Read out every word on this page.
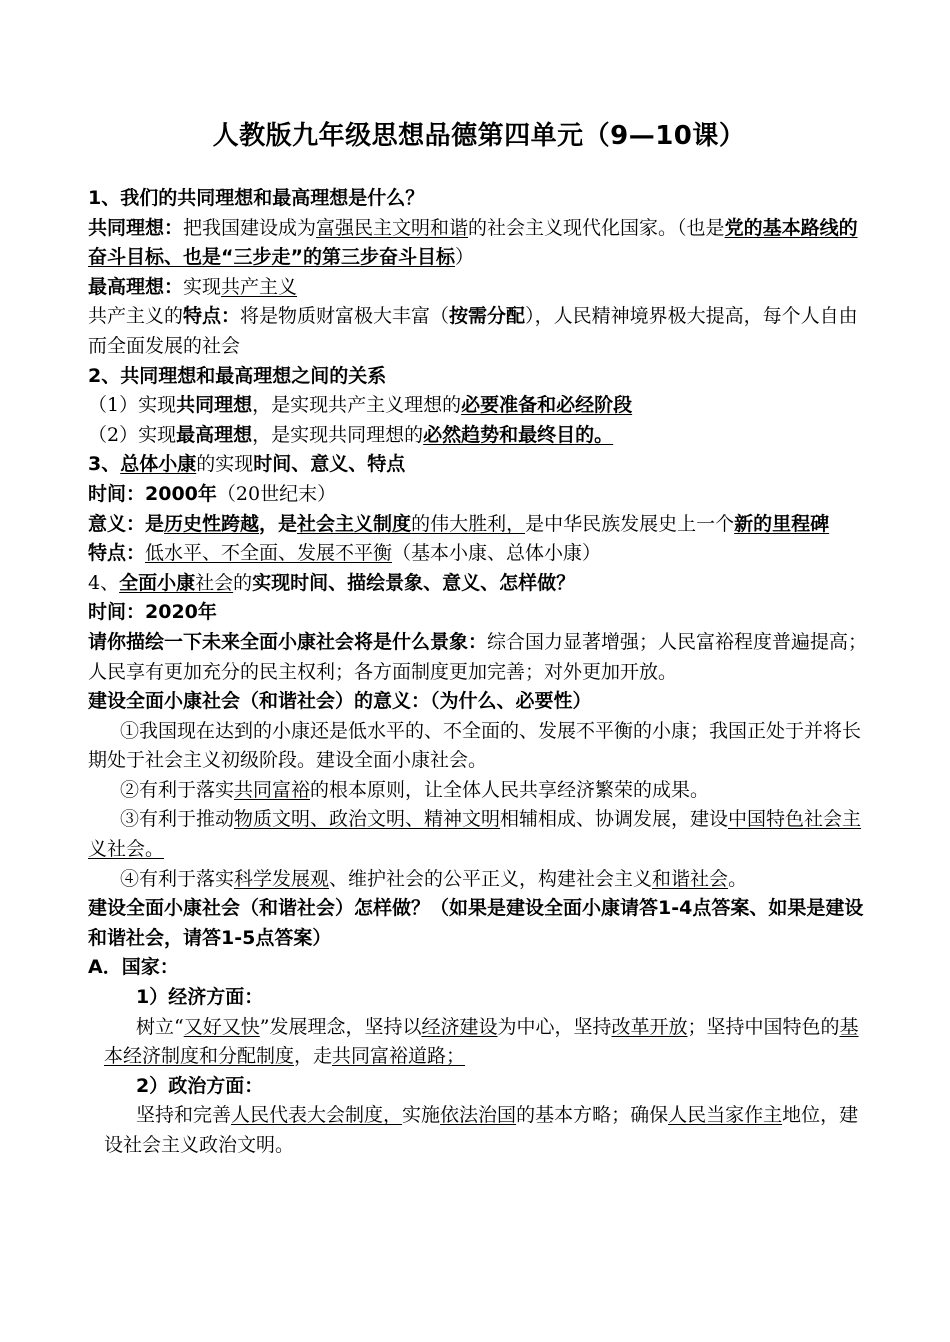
人教版九年级思想品德第四单元（9—10课）

1、我们的共同理想和最高理想是什么？

共同理想：把我国建设成为富强民主文明和谐的社会主义现代化国家。（也是党的基本路线的奋斗目标、也是“三步走”的第三步奋斗目标）

最高理想：实现共产主义

共产主义的特点：将是物质财富极大丰富（按需分配），人民精神境界极大提高，每个人自由而全面发展的社会

2、共同理想和最高理想之间的关系

（1）实现共同理想，是实现共产主义理想的必要准备和必经阶段

（2）实现最高理想，是实现共同理想的必然趋势和最终目的。

3、总体小康的实现时间、意义、特点

时间：2000年（20世纪末）

意义：是历史性跨越，是社会主义制度的伟大胜利，是中华民族发展史上一个新的里程碑

特点：低水平、不全面、发展不平衡（基本小康、总体小康）

4、全面小康社会的实现时间、描绘景象、意义、怎样做？

时间：2020年

请你描绘一下未来全面小康社会将是什么景象：综合国力显著增强；人民富裕程度普遍提高；人民享有更加充分的民主权利；各方面制度更加完善；对外更加开放。

建设全面小康社会（和谐社会）的意义：（为什么、必要性）

①我国现在达到的小康还是低水平的、不全面的、发展不平衡的小康；我国正处于并将长期处于社会主义初级阶段。建设全面小康社会。

②有利于落实共同富裕的根本原则，让全体人民共享经济繁荣的成果。

③有利于推动物质文明、政治文明、精神文明相辅相成、协调发展，建设中国特色社会主义社会。

④有利于落实科学发展观、维护社会的公平正义，构建社会主义和谐社会。

建设全面小康社会（和谐社会）怎样做？（如果是建设全面小康请答1-4点答案、如果是建设和谐社会，请答1-5点答案）

A．国家：

1）经济方面：

树立“又好又快”发展理念，坚持以经济建设为中心，坚持改革开放；坚持中国特色的基本经济制度和分配制度，走共同富裕道路；

2）政治方面：

坚持和完善人民代表大会制度，实施依法治国的基本方略；确保人民当家作主地位，建设社会主义政治文明。
